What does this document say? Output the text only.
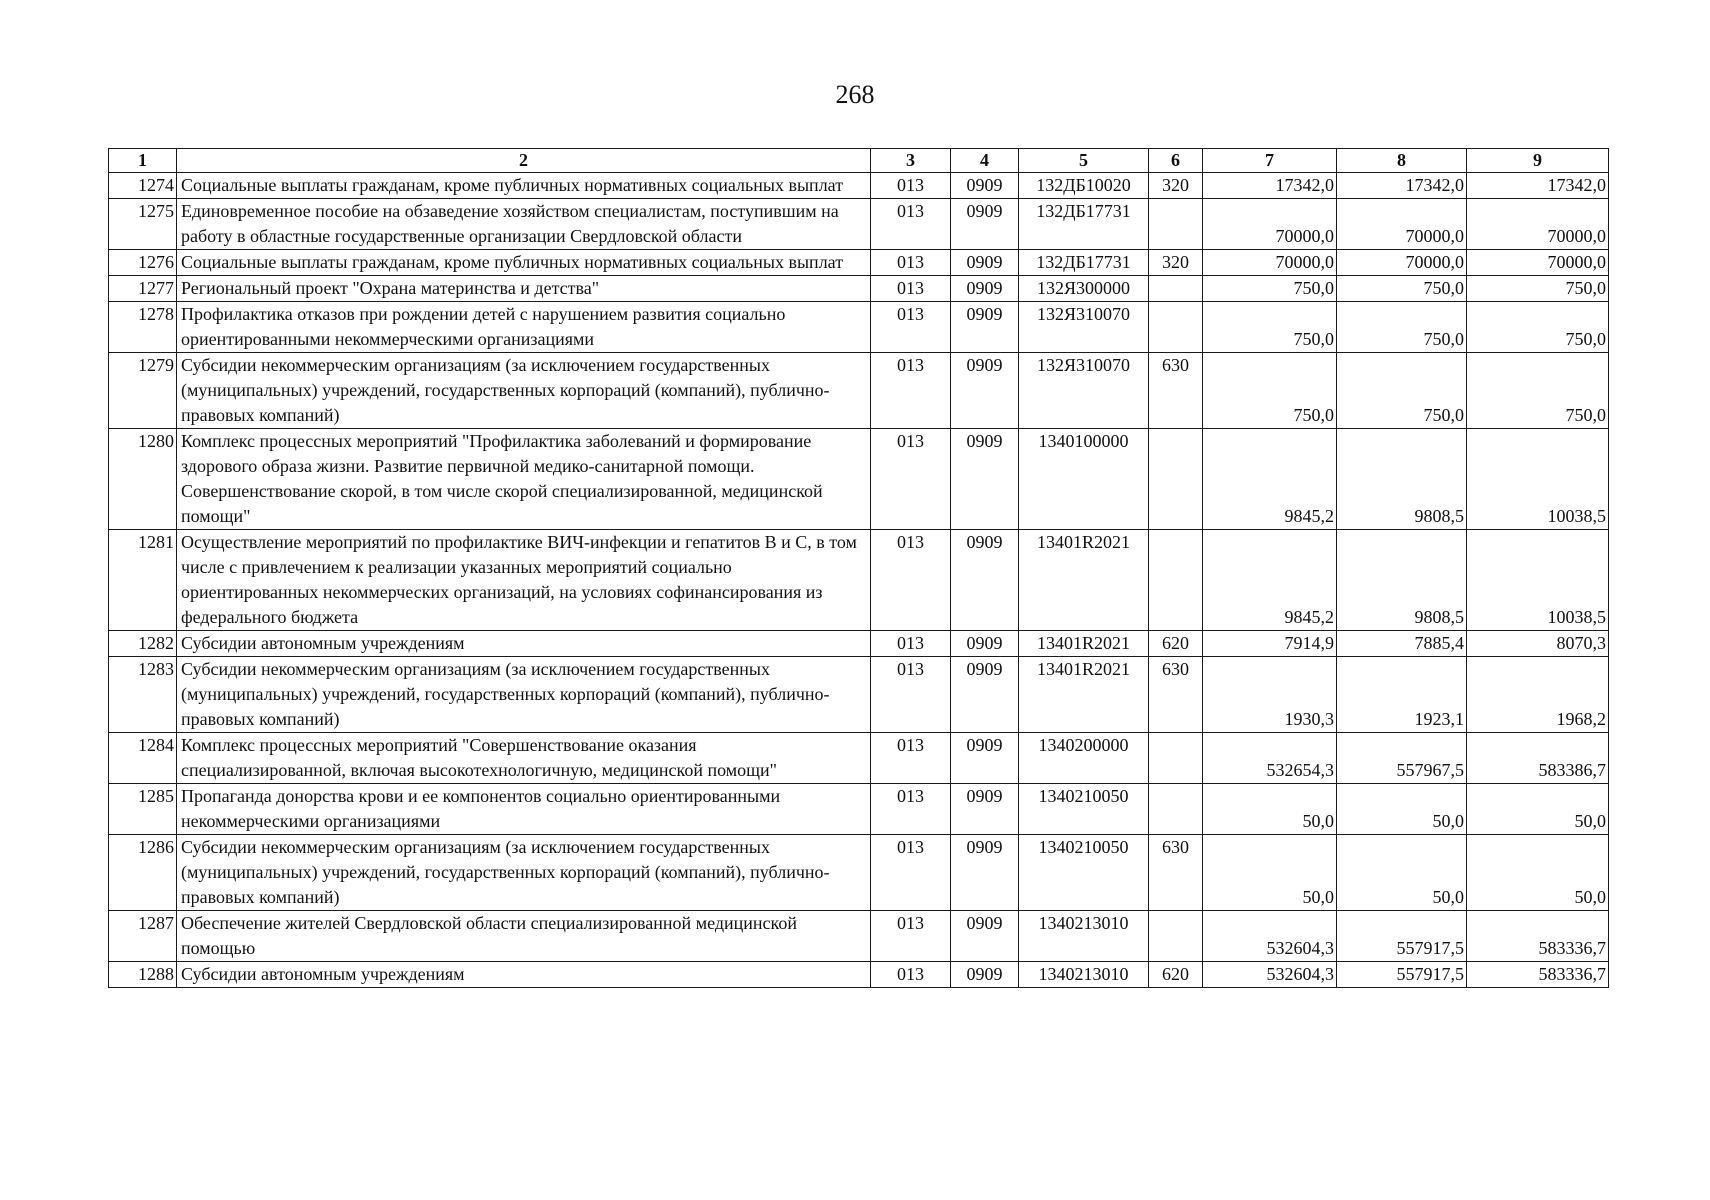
268
1	2	3	4	5	6	7	8	9
1274	Социальные выплаты гражданам, кроме публичных нормативных социальных выплат	013	0909	132ДБ10020	320	17342,0	17342,0	17342,0
1275	Единовременное пособие на обзаведение хозяйством специалистам, поступившим на работу в областные государственные организации Свердловской области	013	0909	132ДБ17731		70000,0	70000,0	70000,0
1276	Социальные выплаты гражданам, кроме публичных нормативных социальных выплат	013	0909	132ДБ17731	320	70000,0	70000,0	70000,0
1277	Региональный проект "Охрана материнства и детства"	013	0909	132Я300000		750,0	750,0	750,0
1278	Профилактика отказов при рождении детей с нарушением развития социально ориентированными некоммерческими организациями	013	0909	132Я310070		750,0	750,0	750,0
1279	Субсидии некоммерческим организациям (за исключением государственных (муниципальных) учреждений, государственных корпораций (компаний), публично-правовых компаний)	013	0909	132Я310070	630	750,0	750,0	750,0
1280	Комплекс процессных мероприятий "Профилактика заболеваний и формирование здорового образа жизни. Развитие первичной медико-санитарной помощи. Совершенствование скорой, в том числе скорой специализированной, медицинской помощи"	013	0909	1340100000		9845,2	9808,5	10038,5
1281	Осуществление мероприятий по профилактике ВИЧ-инфекции и гепатитов В и С, в том числе с привлечением к реализации указанных мероприятий социально ориентированных некоммерческих организаций, на условиях софинансирования из федерального бюджета	013	0909	13401R2021		9845,2	9808,5	10038,5
1282	Субсидии автономным учреждениям	013	0909	13401R2021	620	7914,9	7885,4	8070,3
1283	Субсидии некоммерческим организациям (за исключением государственных (муниципальных) учреждений, государственных корпораций (компаний), публично-правовых компаний)	013	0909	13401R2021	630	1930,3	1923,1	1968,2
1284	Комплекс процессных мероприятий "Совершенствование оказания специализированной, включая высокотехнологичную, медицинской помощи"	013	0909	1340200000		532654,3	557967,5	583386,7
1285	Пропаганда донорства крови и ее компонентов социально ориентированными некоммерческими организациями	013	0909	1340210050		50,0	50,0	50,0
1286	Субсидии некоммерческим организациям (за исключением государственных (муниципальных) учреждений, государственных корпораций (компаний), публично-правовых компаний)	013	0909	1340210050	630	50,0	50,0	50,0
1287	Обеспечение жителей Свердловской области специализированной медицинской помощью	013	0909	1340213010		532604,3	557917,5	583336,7
1288	Субсидии автономным учреждениям	013	0909	1340213010	620	532604,3	557917,5	583336,7
